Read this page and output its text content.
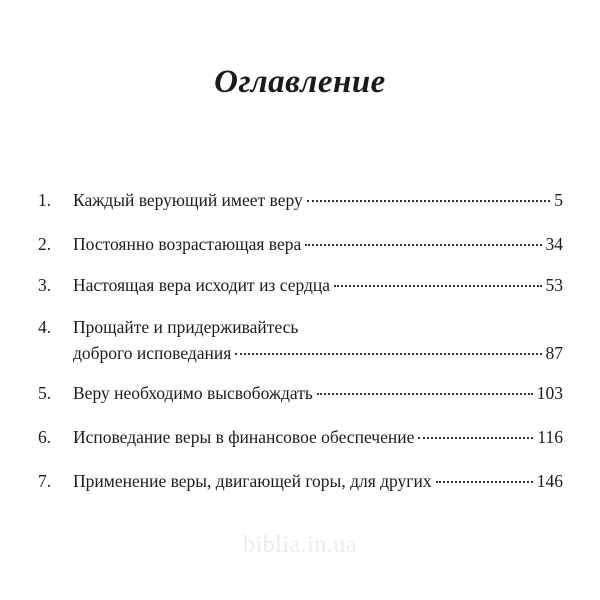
Оглавление
1. Каждый верующий имеет веру	5
2. Постоянно возрастающая вера	34
3. Настоящая вера исходит из сердца	53
4. Прощайте и придерживайтесь
доброго исповедания	87
5. Веру необходимо высвобождать	103
6. Исповедание веры в финансовое обеспечение	116
7. Применение веры, двигающей горы, для других	146
biblia.in.ua
